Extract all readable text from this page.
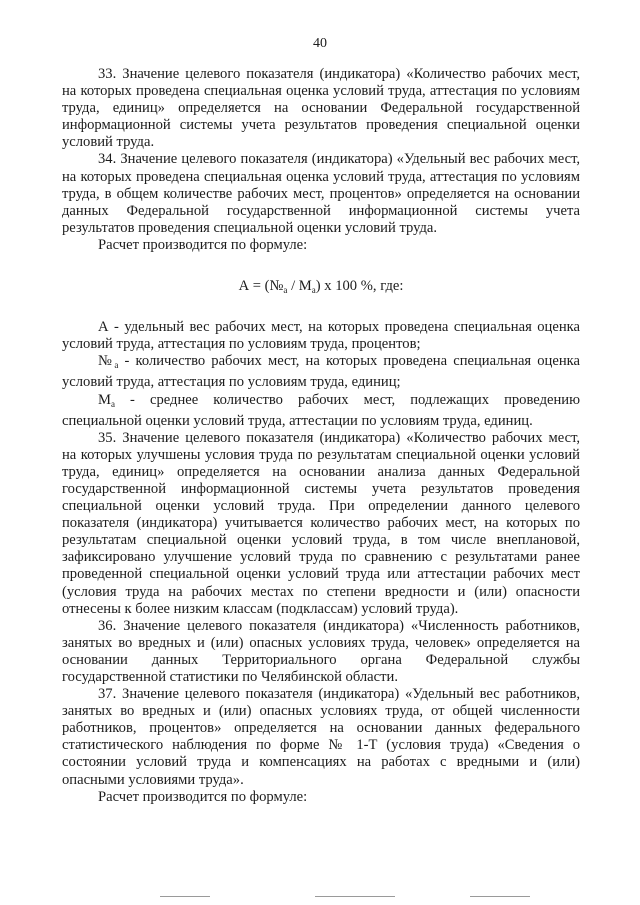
40

33. Значение целевого показателя (индикатора) «Количество рабочих мест, на которых проведена специальная оценка условий труда, аттестация по условиям труда, единиц» определяется на основании Федеральной государственной информационной системы учета результатов проведения специальной оценки условий труда.

34. Значение целевого показателя (индикатора) «Удельный вес рабочих мест, на которых проведена специальная оценка условий труда, аттестация по условиям труда, в общем количестве рабочих мест, процентов» определяется на основании данных Федеральной государственной информационной системы учета результатов проведения специальной оценки условий труда.

Расчет производится по формуле:

$А = (№_а / М_а)$ х 100 %, где:

А - удельный вес рабочих мест, на которых проведена специальная оценка условий труда, аттестация по условиям труда, процентов;

$№_а$ - количество рабочих мест, на которых проведена специальная оценка условий труда, аттестация по условиям труда, единиц;

$М_а$ - среднее количество рабочих мест, подлежащих проведению специальной оценки условий труда, аттестации по условиям труда, единиц.

35. Значение целевого показателя (индикатора) «Количество рабочих мест, на которых улучшены условия труда по результатам специальной оценки условий труда, единиц» определяется на основании анализа данных Федеральной государственной информационной системы учета результатов проведения специальной оценки условий труда. При определении данного целевого показателя (индикатора) учитывается количество рабочих мест, на которых по результатам специальной оценки условий труда, в том числе внеплановой, зафиксировано улучшение условий труда по сравнению с результатами ранее проведенной специальной оценки условий труда или аттестации рабочих мест (условия труда на рабочих местах по степени вредности и (или) опасности отнесены к более низким классам (подклассам) условий труда).

36. Значение целевого показателя (индикатора) «Численность работников, занятых во вредных и (или) опасных условиях труда, человек» определяется на основании данных Территориального органа Федеральной службы государственной статистики по Челябинской области.

37. Значение целевого показателя (индикатора) «Удельный вес работников, занятых во вредных и (или) опасных условиях труда, от общей численности работников, процентов» определяется на основании данных федерального статистического наблюдения по форме № 1-Т (условия труда) «Сведения о состоянии условий труда и компенсациях на работах с вредными и (или) опасными условиями труда».

Расчет производится по формуле:
